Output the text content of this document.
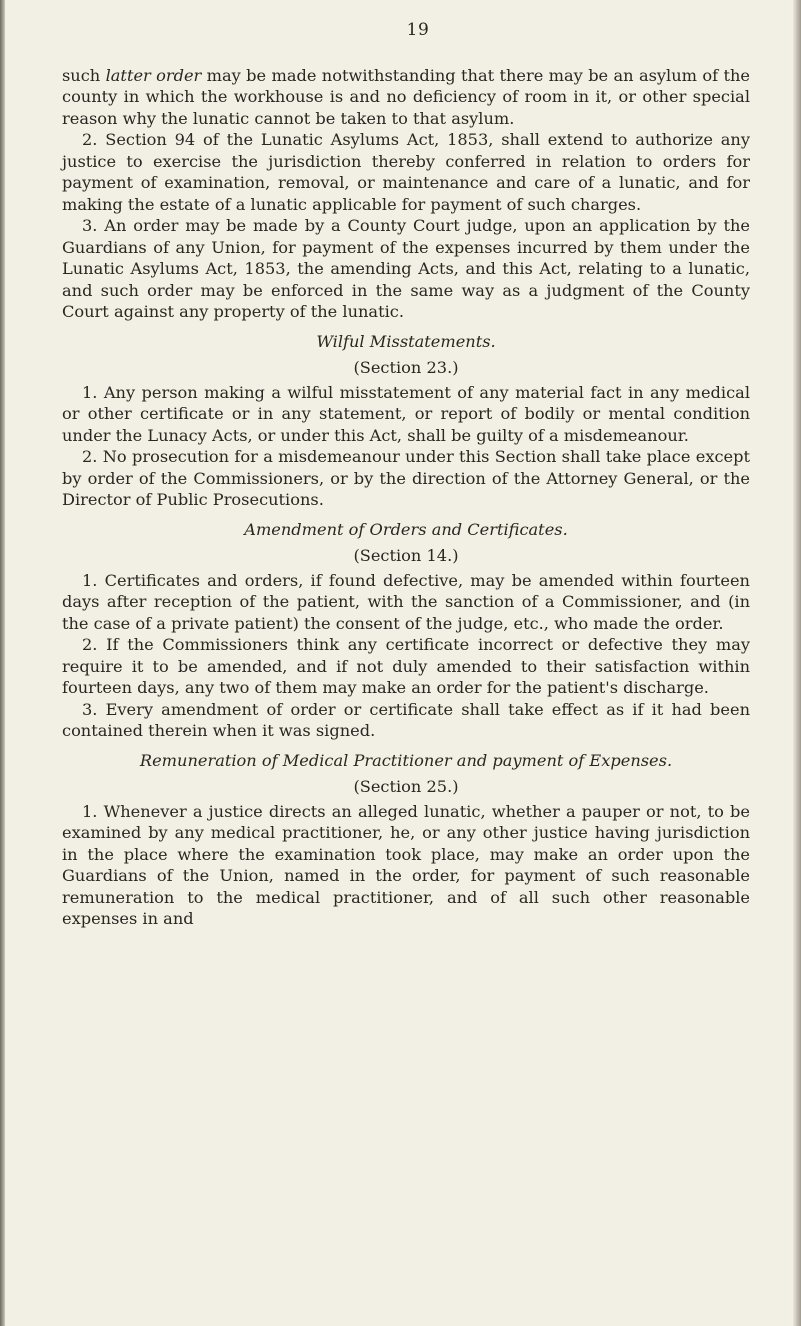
19

such latter order may be made notwithstanding that there may be an asylum of the county in which the workhouse is and no deficiency of room in it, or other special reason why the lunatic cannot be taken to that asylum.

2. Section 94 of the Lunatic Asylums Act, 1853, shall extend to authorize any justice to exercise the jurisdiction thereby conferred in relation to orders for payment of examination, removal, or maintenance and care of a lunatic, and for making the estate of a lunatic applicable for payment of such charges.

3. An order may be made by a County Court judge, upon an application by the Guardians of any Union, for payment of the expenses incurred by them under the Lunatic Asylums Act, 1853, the amending Acts, and this Act, relating to a lunatic, and such order may be enforced in the same way as a judgment of the County Court against any property of the lunatic.

Wilful Misstatements.
(Section 23.)

1. Any person making a wilful misstatement of any material fact in any medical or other certificate or in any statement, or report of bodily or mental condition under the Lunacy Acts, or under this Act, shall be guilty of a misdemeanour.

2. No prosecution for a misdemeanour under this Section shall take place except by order of the Commissioners, or by the direction of the Attorney General, or the Director of Public Prosecutions.

Amendment of Orders and Certificates.
(Section 14.)

1. Certificates and orders, if found defective, may be amended within fourteen days after reception of the patient, with the sanction of a Commissioner, and (in the case of a private patient) the consent of the judge, etc., who made the order.

2. If the Commissioners think any certificate incorrect or defective they may require it to be amended, and if not duly amended to their satisfaction within fourteen days, any two of them may make an order for the patient's discharge.

3. Every amendment of order or certificate shall take effect as if it had been contained therein when it was signed.

Remuneration of Medical Practitioner and payment of Expenses.
(Section 25.)

1. Whenever a justice directs an alleged lunatic, whether a pauper or not, to be examined by any medical practitioner, he, or any other justice having jurisdiction in the place where the examination took place, may make an order upon the Guardians of the Union, named in the order, for payment of such reasonable remuneration to the medical practitioner, and of all such other reasonable expenses in and
